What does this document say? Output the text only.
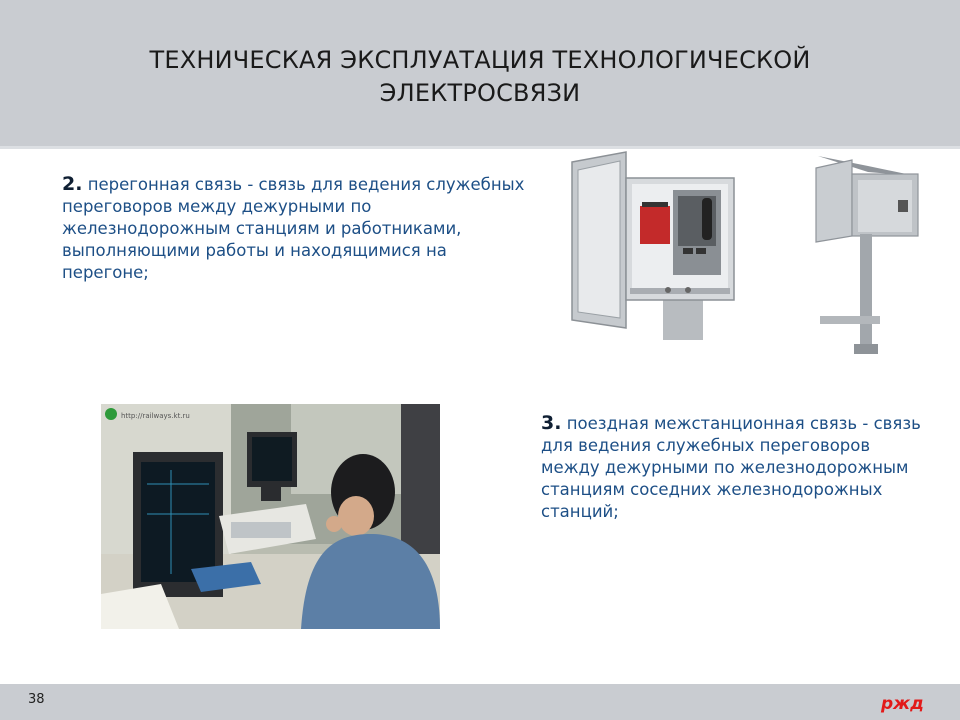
ТЕХНИЧЕСКАЯ ЭКСПЛУАТАЦИЯ ТЕХНОЛОГИЧЕСКОЙ ЭЛЕКТРОСВЯЗИ
2. перегонная связь - связь для ведения служебных переговоров между дежурными по железнодорожным станциям и работниками, выполняющими работы и находящимися на перегоне;
http://railways.kt.ru	3. поездная межстанционная связь - связь для ведения служебных переговоров между дежурными по железнодорожным станциям соседних железнодорожных станций;
38	ржд
